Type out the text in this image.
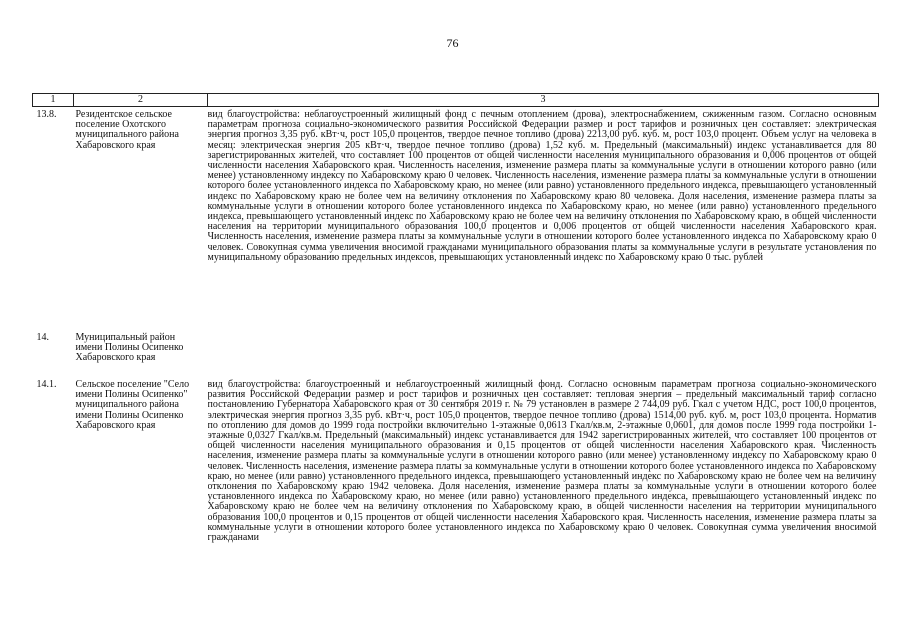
76
1	2	3
13.8.	Резидентское сельское поселение Охотского муниципального района Хабаровского края	вид благоустройства: неблагоустроенный жилищный фонд с печным отоплением (дрова), электроснабжением, сжиженным газом. Согласно основным параметрам прогноза социально-экономического развития Российской Федерации размер и рост тарифов и розничных цен составляет: электрическая энергия прогноз 3,35 руб. кВт·ч, рост 105,0 процентов, твердое печное топливо (дрова) 2213,00 руб. куб. м, рост 103,0 процент. Объем услуг на человека в месяц: электрическая энергия 205 кВт·ч, твердое печное топливо (дрова) 1,52 куб. м. Предельный (максимальный) индекс устанавливается для 80 зарегистрированных жителей, что составляет 100 процентов от общей численности населения муниципального образования и 0,006 процентов от общей численности населения Хабаровского края. Численность населения, изменение размера платы за коммунальные услуги в отношении которого равно (или менее) установленному индексу по Хабаровскому краю 0 человек. Численность населения, изменение размера платы за коммунальные услуги в отношении которого более установленного индекса по Хабаровскому краю, но менее (или равно) установленного предельного индекса, превышающего установленный индекс по Хабаровскому краю не более чем на величину отклонения по Хабаровскому краю 80 человека. Доля населения, изменение размера платы за коммунальные услуги в отношении которого более установленного индекса по Хабаровскому краю, но менее (или равно) установленного предельного индекса, превышающего установленный индекс по Хабаровскому краю не более чем на величину отклонения по Хабаровскому краю, в общей численности населения на территории муниципального образования 100,0 процентов и 0,006 процентов от общей численности населения Хабаровского края. Численность населения, изменение размера платы за коммунальные услуги в отношении которого более установленного индекса по Хабаровскому краю 0 человек. Совокупная сумма увеличения вносимой гражданами муниципального образования платы за коммунальные услуги в результате установления по муниципальному образованию предельных индексов, превышающих установленный индекс по Хабаровскому краю 0 тыс. рублей
14.	Муниципальный район имени Полины Осипенко Хабаровского края	
14.1.	Сельское поселение "Село имени Полины Осипенко" муниципального района имени Полины Осипенко Хабаровского края	вид благоустройства: благоустроенный и неблагоустроенный жилищный фонд. Согласно основным параметрам прогноза социально-экономического развития Российской Федерации размер и рост тарифов и розничных цен составляет: тепловая энергия – предельный максимальный тариф согласно постановлению Губернатора Хабаровского края от 30 сентября 2019 г. № 79 установлен в размере 2 744,09 руб. Гкал с учетом НДС, рост 100,0 процентов, электрическая энергия прогноз 3,35 руб. кВт·ч, рост 105,0 процентов, твердое печное топливо (дрова) 1514,00 руб. куб. м, рост 103,0 процента. Норматив по отоплению для домов до 1999 года постройки включительно 1-этажные 0,0613 Гкал/кв.м, 2-этажные 0,0601, для домов после 1999 года постройки 1-этажные 0,0327 Гкал/кв.м. Предельный (максимальный) индекс устанавливается для 1942 зарегистрированных жителей, что составляет 100 процентов от общей численности населения муниципального образования и 0,15 процентов от общей численности населения Хабаровского края. Численность населения, изменение размера платы за коммунальные услуги в отношении которого равно (или менее) установленному индексу по Хабаровскому краю 0 человек. Численность населения, изменение размера платы за коммунальные услуги в отношении которого более установленного индекса по Хабаровскому краю, но менее (или равно) установленного предельного индекса, превышающего установленный индекс по Хабаровскому краю не более чем на величину отклонения по Хабаровскому краю 1942 человека. Доля населения, изменение размера платы за коммунальные услуги в отношении которого более установленного индекса по Хабаровскому краю, но менее (или равно) установленного предельного индекса, превышающего установленный индекс по Хабаровскому краю не более чем на величину отклонения по Хабаровскому краю, в общей численности населения на территории муниципального образования 100,0 процентов и 0,15 процентов от общей численности населения Хабаровского края. Численность населения, изменение размера платы за коммунальные услуги в отношении которого более установленного индекса по Хабаровскому краю 0 человек. Совокупная сумма увеличения вносимой гражданами
